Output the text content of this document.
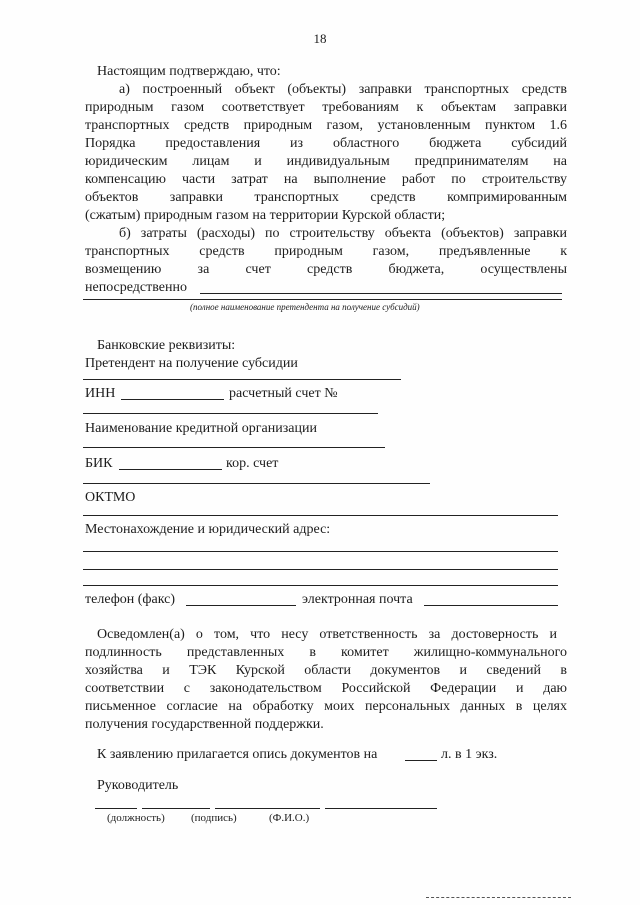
18
Настоящим подтверждаю, что:
а) построенный объект (объекты) заправки транспортных средств
природным газом соответствует требованиям к объектам заправки
транспортных средств природным газом, установленным пунктом 1.6
Порядка предоставления из областного бюджета субсидий
юридическим лицам и индивидуальным предпринимателям на
компенсацию части затрат на выполнение работ по строительству
объектов заправки транспортных средств компримированным
(сжатым) природным газом на территории Курской области;
б) затраты (расходы) по строительству объекта (объектов) заправки
транспортных средств природным газом, предъявленные к
возмещению за счет средств бюджета, осуществлены
непосредственно
(полное наименование претендента на получение субсидий)
Банковские реквизиты:
Претендент на получение субсидии
ИНН	расчетный счет №
Наименование кредитной организации
БИК	кор. счет
ОКТМО
Местонахождение и юридический адрес:
телефон (факс)	электронная почта
Осведомлен(а) о том, что несу ответственность за достоверность и
подлинность представленных в комитет жилищно-коммунального
хозяйства и ТЭК Курской области документов и сведений в
соответствии с законодательством Российской Федерации и даю
письменное согласие на обработку моих персональных данных в целях
получения государственной поддержки.
К заявлению прилагается опись документов на	л. в 1 экз.
Руководитель
(должность) (подпись)	(Ф.И.О.)
